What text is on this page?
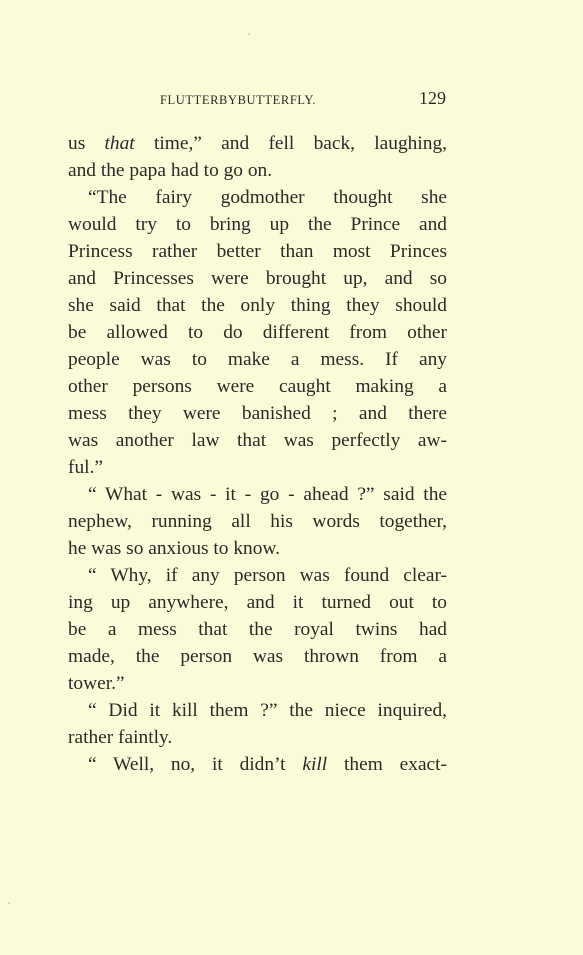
FLUTTERBYBUTTERFLY.	129
us that time,” and fell back, laughing,
and the papa had to go on.
“The fairy godmother thought she
would try to bring up the Prince and
Princess rather better than most Princes
and Princesses were brought up, and so
she said that the only thing they should
be allowed to do different from other
people was to make a mess. If any
other persons were caught making a
mess they were banished ; and there
was another law that was perfectly aw-
ful.”
“ What - was - it - go - ahead ?” said the
nephew, running all his words together,
he was so anxious to know.
“ Why, if any person was found clear-
ing up anywhere, and it turned out to
be a mess that the royal twins had
made, the person was thrown from a
tower.”
“ Did it kill them ?” the niece inquired,
rather faintly.
“ Well, no, it didn’t kill them exact-
